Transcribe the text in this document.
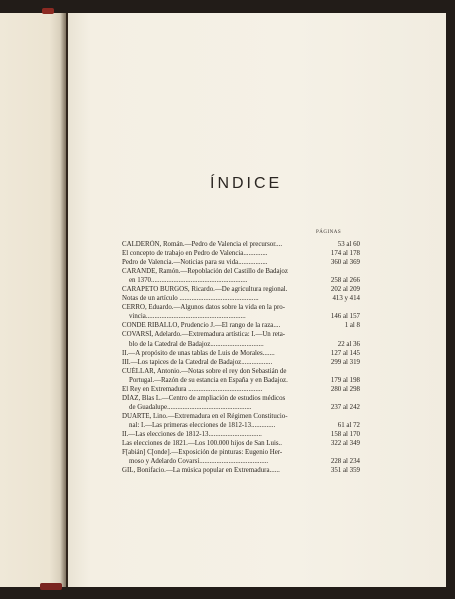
ÍNDICE
PÁGINAS
CALDERÓN, Román.—Pedro de Valencia el precursor....	53 al 60
El concepto de trabajo en Pedro de Valencia..............	174 al 178
Pedro de Valencia.—Noticias para su vida.................	360 al 369
CARANDE, Ramón.—Repoblación del Castillo de Badajoz
en 1370........................................................	258 al 266
CARAPETO BURGOS, Ricardo.—De agricultura regional.	202 al 209
Notas de un artículo ..............................................	413 y 414
CERRO, Eduardo.—Algunos datos sobre la vida en la pro-
vincia..........................................................	146 al 157
CONDE RIBALLO, Prudencio J.—El rango de la raza....	1 al 8
COVARSÍ, Adelardo.—Extremadura artística: I.—Un reta-
blo de la Catedral de Badajoz...............................	22 al 36
II.—A propósito de unas tablas de Luis de Morales.......	127 al 145
III.—Los tapices de la Catedral de Badajoz..................	299 al 319
CUÉLLAR, Antonio.—Notas sobre el rey don Sebastián de
Portugal.—Razón de su estancia en España y en Badajoz.	179 al 198
El Rey en Extremadura ...........................................	280 al 298
DÍAZ, Blas L.—Centro de ampliación de estudios médicos
de Guadalupe.................................................	237 al 242
DUARTE, Lino.—Extremadura en el Régimen Constitucio-
nal: I.—Las primeras elecciones de 1812-13..............	61 al 72
II.—Las elecciones de 1812-13...............................	158 al 170
Las elecciones de 1821.—Los 100.000 hijos de San Luis..	322 al 349
F[abián] C[onde].—Exposición de pinturas: Eugenio Her-
moso y Adelardo Covarsí........................................	228 al 234
GIL, Bonifacio.—La música popular en Extremadura......	351 al 359
